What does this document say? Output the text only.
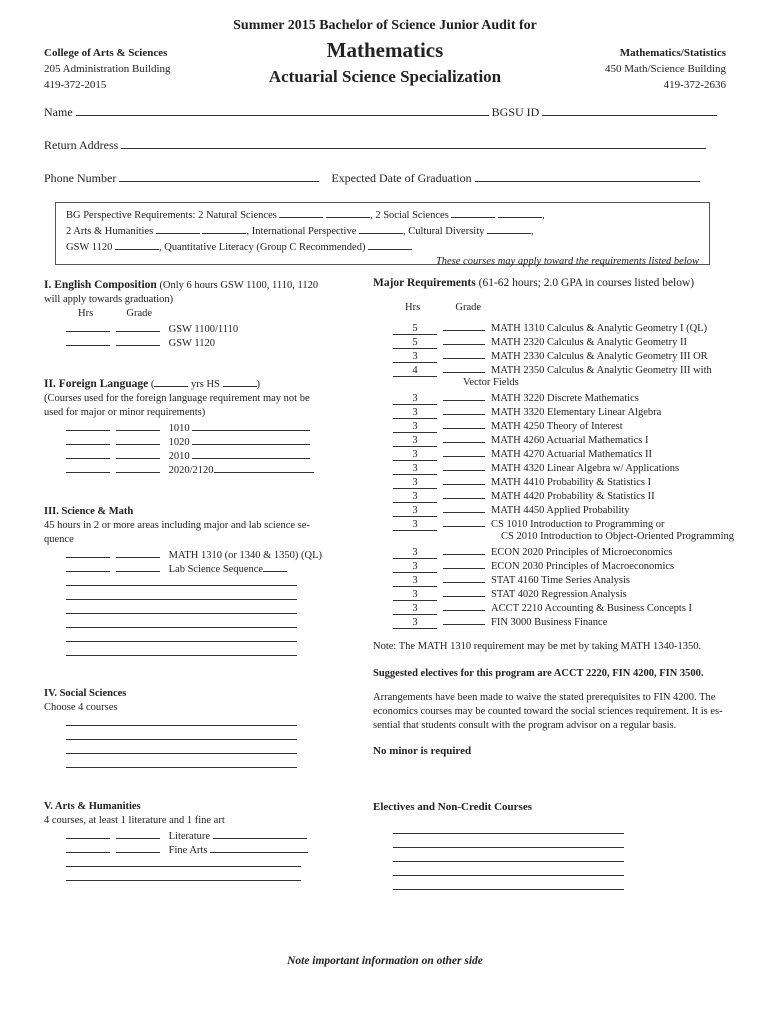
Summer 2015 Bachelor of Science Junior Audit for
Mathematics
Actuarial Science Specialization
College of Arts & Sciences
205 Administration Building
419-372-2015
Mathematics/Statistics
450 Math/Science Building
419-372-2636
Name	BGSU ID
Return Address
Phone Number	Expected Date of Graduation
BG Perspective Requirements: 2 Natural Sciences	, 2 Social Sciences	,
2 Arts & Humanities	, International Perspective	, Cultural Diversity	,
GSW 1120	, Quantitative Literacy (Group C Recommended)
These courses may apply toward the requirements listed below
I. English Composition (Only 6 hours GSW 1100, 1110, 1120
will apply towards graduation)
Hrs	Grade
GSW 1100/1110
GSW 1120
II. Foreign Language (	yrs HS	)
(Courses used for the foreign language requirement may not be
used for major or minor requirements)
1010
1020
2010
2020/2120
III. Science & Math
45 hours in 2 or more areas including major and lab science se-
quence
MATH 1310 (or 1340 & 1350) (QL)
Lab Science Sequence
IV. Social Sciences
Choose 4 courses
V. Arts & Humanities
4 courses, at least 1 literature and 1 fine art
Literature
Fine Arts
Major Requirements (61-62 hours; 2.0 GPA in courses listed below)
Hrs	Grade
5	MATH 1310 Calculus & Analytic Geometry I (QL)
5	MATH 2320 Calculus & Analytic Geometry II
3	MATH 2330 Calculus & Analytic Geometry III OR
4	MATH 2350 Calculus & Analytic Geometry III with
Vector Fields
3	MATH 3220 Discrete Mathematics
3	MATH 3320 Elementary Linear Algebra
3	MATH 4250 Theory of Interest
3	MATH 4260 Actuarial Mathematics I
3	MATH 4270 Actuarial Mathematics II
3	MATH 4320 Linear Algebra w/ Applications
3	MATH 4410 Probability & Statistics I
3	MATH 4420 Probability & Statistics II
3	MATH 4450 Applied Probability
3	CS 1010 Introduction to Programming or
CS 2010 Introduction to Object-Oriented Programming
3	ECON 2020 Principles of Microeconomics
3	ECON 2030 Principles of Macroeconomics
3	STAT 4160 Time Series Analysis
3	STAT 4020 Regression Analysis
3	ACCT 2210 Accounting & Business Concepts I
3	FIN 3000 Business Finance
Note: The MATH 1310 requirement may be met by taking MATH 1340-1350.
Suggested electives for this program are ACCT 2220, FIN 4200, FIN 3500.
Arrangements have been made to waive the stated prerequisites to FIN 4200. The
economics courses may be counted toward the social sciences requirement. It is es-
sential that students consult with the program advisor on a regular basis.
No minor is required
Electives and Non-Credit Courses
Note important information on other side
